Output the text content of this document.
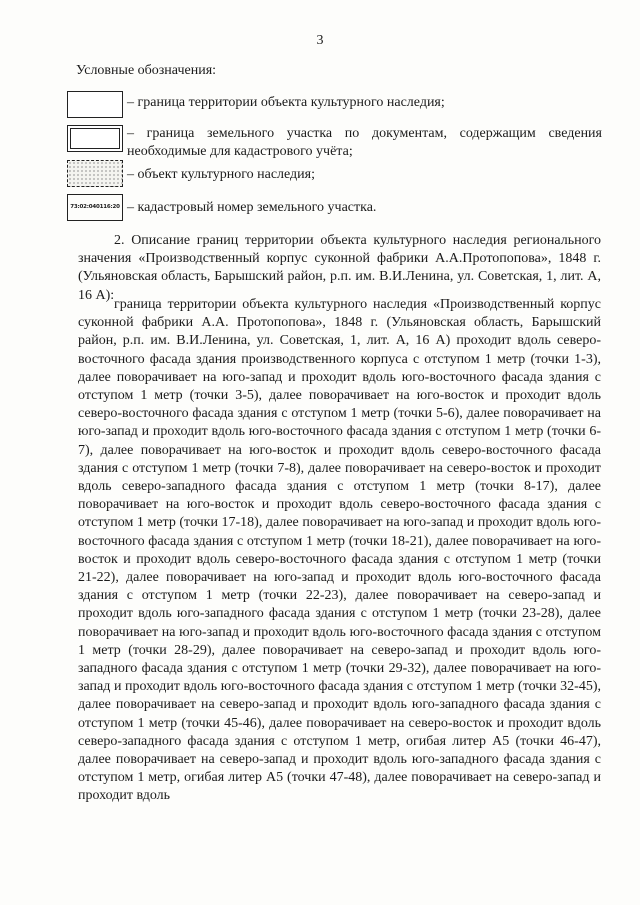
3
Условные обозначения:
– граница территории объекта культурного наследия;
– граница земельного участка по документам, содержащим сведения необходимые для кадастрового учёта;
– объект культурного наследия;
73:02:040116:20 – кадастровый номер земельного участка.
2. Описание границ территории объекта культурного наследия регионального значения «Производственный корпус суконной фабрики А.А.Протопопова», 1848 г. (Ульяновская область, Барышский район, р.п. им. В.И.Ленина, ул. Советская, 1, лит. А, 16 А):
граница территории объекта культурного наследия «Производственный корпус суконной фабрики А.А. Протопопова», 1848 г. (Ульяновская область, Барышский район, р.п. им. В.И.Ленина, ул. Советская, 1, лит. А, 16 А) проходит вдоль северо-восточного фасада здания производственного корпуса с отступом 1 метр (точки 1-3), далее поворачивает на юго-запад и проходит вдоль юго-восточного фасада здания с отступом 1 метр (точки 3-5), далее поворачивает на юго-восток и проходит вдоль северо-восточного фасада здания с отступом 1 метр (точки 5-6), далее поворачивает на юго-запад и проходит вдоль юго-восточного фасада здания с отступом 1 метр (точки 6-7), далее поворачивает на юго-восток и проходит вдоль северо-восточного фасада здания с отступом 1 метр (точки 7-8), далее поворачивает на северо-восток и проходит вдоль северо-западного фасада здания с отступом 1 метр (точки 8-17), далее поворачивает на юго-восток и проходит вдоль северо-восточного фасада здания с отступом 1 метр (точки 17-18), далее поворачивает на юго-запад и проходит вдоль юго-восточного фасада здания с отступом 1 метр (точки 18-21), далее поворачивает на юго-восток и проходит вдоль северо-восточного фасада здания с отступом 1 метр (точки 21-22), далее поворачивает на юго-запад и проходит вдоль юго-восточного фасада здания с отступом 1 метр (точки 22-23), далее поворачивает на северо-запад и проходит вдоль юго-западного фасада здания с отступом 1 метр (точки 23-28), далее поворачивает на юго-запад и проходит вдоль юго-восточного фасада здания с отступом 1 метр (точки 28-29), далее поворачивает на северо-запад и проходит вдоль юго-западного фасада здания с отступом 1 метр (точки 29-32), далее поворачивает на юго-запад и проходит вдоль юго-восточного фасада здания с отступом 1 метр (точки 32-45), далее поворачивает на северо-запад и проходит вдоль юго-западного фасада здания с отступом 1 метр (точки 45-46), далее поворачивает на северо-восток и проходит вдоль северо-западного фасада здания с отступом 1 метр, огибая литер А5 (точки 46-47), далее поворачивает на северо-запад и проходит вдоль юго-западного фасада здания с отступом 1 метр, огибая литер А5 (точки 47-48), далее поворачивает на северо-запад и проходит вдоль
